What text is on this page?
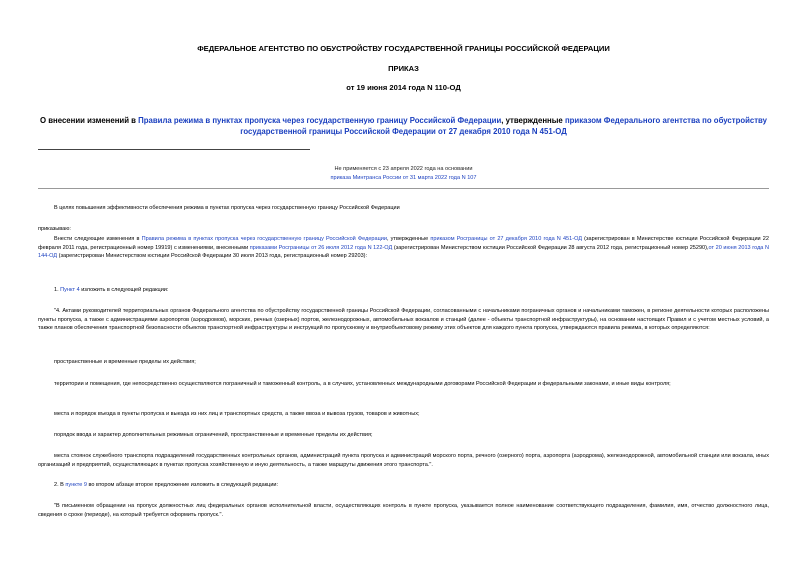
ФЕДЕРАЛЬНОЕ АГЕНТСТВО ПО ОБУСТРОЙСТВУ ГОСУДАРСТВЕННОЙ ГРАНИЦЫ РОССИЙСКОЙ ФЕДЕРАЦИИ
ПРИКАЗ
от 19 июня 2014 года N 110-ОД
О внесении изменений в Правила режима в пунктах пропуска через государственную границу Российской Федерации, утвержденные приказом Федерального агентства по обустройству государственной границы Российской Федерации от 27 декабря 2010 года N 451-ОД
Не применяется с 23 апреля 2022 года на основании
приказа Минтранса России от 31 марта 2022 года N 107
В целях повышения эффективности обеспечения режима в пунктах пропуска через государственную границу Российской Федерации
приказываю:
Внести следующие изменения в Правила режима в пунктах пропуска через государственную границу Российской Федерации, утвержденные приказом Росграницы от 27 декабря 2010 года N 451-ОД (зарегистрирован в Министерстве юстиции Российской Федерации 22 февраля 2011 года, регистрационный номер 19919) с изменениями, внесенными приказами Росграницы от 26 июля 2012 года N 122-ОД (зарегистрирован Министерством юстиции Российской Федерации 28 августа 2012 года, регистрационный номер 25290),от 20 июня 2013 года N 144-ОД (зарегистрирован Министерством юстиции Российской Федерации 30 июля 2013 года, регистрационный номер 29203):
1. Пункт 4 изложить в следующей редакции:
"4. Актами руководителей территориальных органов Федерального агентства по обустройству государственной границы Российской Федерации, согласованными с начальниками пограничных органов и начальниками таможен, в регионе деятельности которых расположены пункты пропуска, а также с администрациями аэропортов (аэродромов), морских, речных (озерных) портов, железнодорожных, автомобильных вокзалов и станций (далее - объекты транспортной инфраструктуры), на основании настоящих Правил и с учетом местных условий, а также планов обеспечения транспортной безопасности объектов транспортной инфраструктуры и инструкций по пропускному и внутриобъектовому режиму этих объектов для каждого пункта пропуска, утверждаются правила режима, в которых определяются:
пространственные и временные пределы их действия;
территории и помещения, где непосредственно осуществляются пограничный и таможенный контроль, а в случаях, установленных международными договорами Российской Федерации и федеральными законами, и иные виды контроля;
места и порядок въезда в пункты пропуска и выезда из них лиц и транспортных средств, а также ввоза и вывоза грузов, товаров и животных;
порядок ввода и характер дополнительных режимных ограничений, пространственные и временные пределы их действия;
места стоянок служебного транспорта подразделений государственных контрольных органов, администраций пункта пропуска и администраций морского порта, речного (озерного) порта, аэропорта (аэродрома), железнодорожной, автомобильной станции или вокзала, иных организаций и предприятий, осуществляющих в пунктах пропуска хозяйственную и иную деятельность, а также маршруты движения этого транспорта.".
2. В пункте 9 во втором абзаце второе предложение изложить в следующей редакции:
"В письменном обращении на пропуск должностных лиц федеральных органов исполнительной власти, осуществляющих контроль в пункте пропуска, указывается полное наименование соответствующего подразделения, фамилия, имя, отчество должностного лица, сведения о сроке (периоде), на который требуется оформить пропуск.".
